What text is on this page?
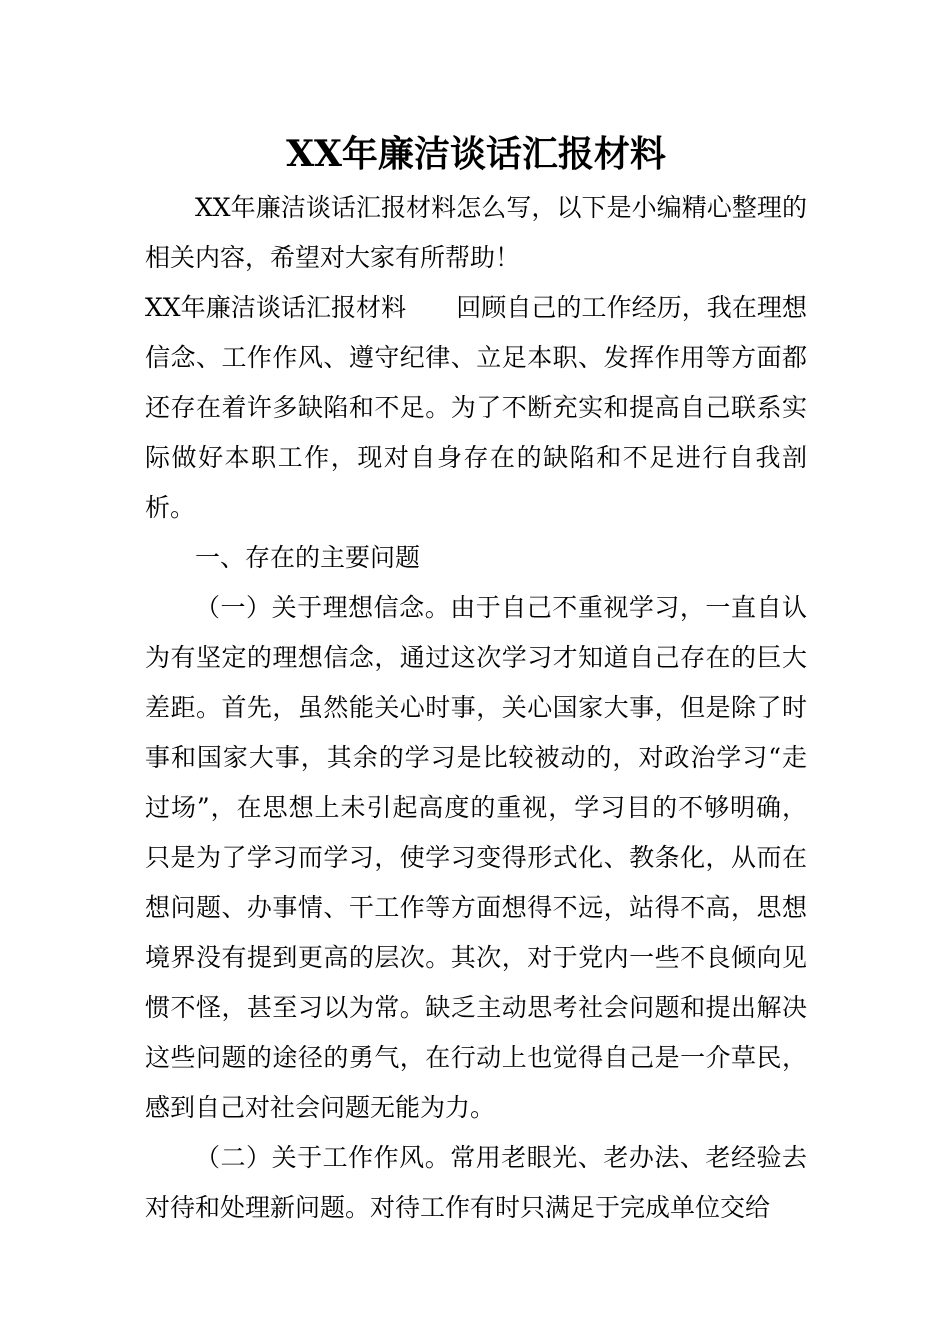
XX年廉洁谈话汇报材料

XX年廉洁谈话汇报材料怎么写，以下是小编精心整理的相关内容，希望对大家有所帮助！

XX年廉洁谈话汇报材料 回顾自己的工作经历，我在理想信念、工作作风、遵守纪律、立足本职、发挥作用等方面都还存在着许多缺陷和不足。为了不断充实和提高自己联系实际做好本职工作，现对自身存在的缺陷和不足进行自我剖析。

一、存在的主要问题

（一）关于理想信念。由于自己不重视学习，一直自认为有坚定的理想信念，通过这次学习才知道自己存在的巨大差距。首先，虽然能关心时事，关心国家大事，但是除了时事和国家大事，其余的学习是比较被动的，对政治学习“走过场”，在思想上未引起高度的重视，学习目的不够明确，只是为了学习而学习，使学习变得形式化、教条化，从而在想问题、办事情、干工作等方面想得不远，站得不高，思想境界没有提到更高的层次。其次，对于党内一些不良倾向见惯不怪，甚至习以为常。缺乏主动思考社会问题和提出解决这些问题的途径的勇气，在行动上也觉得自己是一介草民，感到自己对社会问题无能为力。

（二）关于工作作风。常用老眼光、老办法、老经验去对待和处理新问题。对待工作有时只满足于完成单位交给
